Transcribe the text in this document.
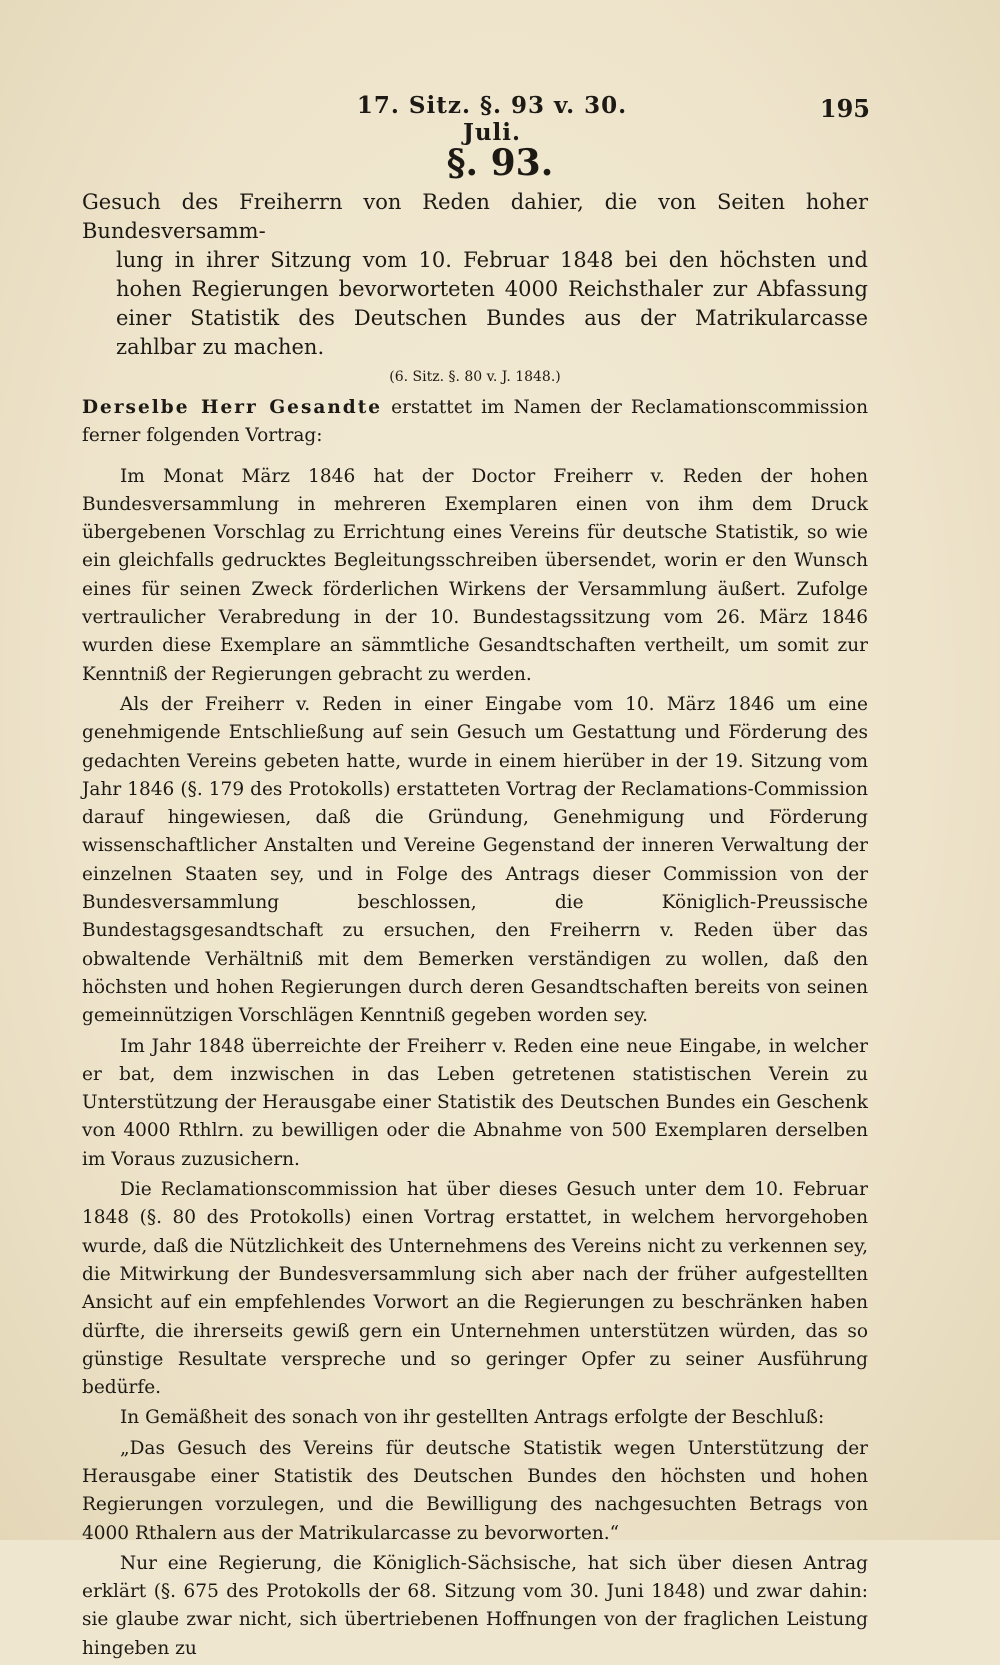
17. Sitz. §. 93 v. 30. Juli.
195
§. 93.
Gesuch des Freiherrn von Reden dahier, die von Seiten hoher Bundesversamm-
lung in ihrer Sitzung vom 10. Februar 1848 bei den höchsten und hohen Regierungen bevorworteten 4000 Reichsthaler zur Abfassung einer Statistik des Deutschen Bundes aus der Matrikularcasse zahlbar zu machen.
(6. Sitz. §. 80 v. J. 1848.)

Derselbe Herr Gesandte erstattet im Namen der Reclamationscommission ferner folgenden Vortrag:

Im Monat März 1846 hat der Doctor Freiherr v. Reden der hohen Bundesversammlung in mehreren Exemplaren einen von ihm dem Druck übergebenen Vorschlag zu Errichtung eines Vereins für deutsche Statistik, so wie ein gleichfalls gedrucktes Begleitungsschreiben übersendet, worin er den Wunsch eines für seinen Zweck förderlichen Wirkens der Versammlung äußert. Zufolge vertraulicher Verabredung in der 10. Bundestagssitzung vom 26. März 1846 wurden diese Exemplare an sämmtliche Gesandtschaften vertheilt, um somit zur Kenntniß der Regierungen gebracht zu werden.

Als der Freiherr v. Reden in einer Eingabe vom 10. März 1846 um eine genehmigende Entschließung auf sein Gesuch um Gestattung und Förderung des gedachten Vereins gebeten hatte, wurde in einem hierüber in der 19. Sitzung vom Jahr 1846 (§. 179 des Protokolls) erstatteten Vortrag der Reclamations-Commission darauf hingewiesen, daß die Gründung, Genehmigung und Förderung wissenschaftlicher Anstalten und Vereine Gegenstand der inneren Verwaltung der einzelnen Staaten sey, und in Folge des Antrags dieser Commission von der Bundesversammlung beschlossen, die Königlich-Preussische Bundestagsgesandtschaft zu ersuchen, den Freiherrn v. Reden über das obwaltende Verhältniß mit dem Bemerken verständigen zu wollen, daß den höchsten und hohen Regierungen durch deren Gesandtschaften bereits von seinen gemeinnützigen Vorschlägen Kenntniß gegeben worden sey.

Im Jahr 1848 überreichte der Freiherr v. Reden eine neue Eingabe, in welcher er bat, dem inzwischen in das Leben getretenen statistischen Verein zu Unterstützung der Herausgabe einer Statistik des Deutschen Bundes ein Geschenk von 4000 Rthlrn. zu bewilligen oder die Abnahme von 500 Exemplaren derselben im Voraus zuzusichern.

Die Reclamationscommission hat über dieses Gesuch unter dem 10. Februar 1848 (§. 80 des Protokolls) einen Vortrag erstattet, in welchem hervorgehoben wurde, daß die Nützlichkeit des Unternehmens des Vereins nicht zu verkennen sey, die Mitwirkung der Bundesversammlung sich aber nach der früher aufgestellten Ansicht auf ein empfehlendes Vorwort an die Regierungen zu beschränken haben dürfte, die ihrerseits gewiß gern ein Unternehmen unterstützen würden, das so günstige Resultate verspreche und so geringer Opfer zu seiner Ausführung bedürfe.

In Gemäßheit des sonach von ihr gestellten Antrags erfolgte der Beschluß:

„Das Gesuch des Vereins für deutsche Statistik wegen Unterstützung der Herausgabe einer Statistik des Deutschen Bundes den höchsten und hohen Regierungen vorzulegen, und die Bewilligung des nachgesuchten Betrags von 4000 Rthalern aus der Matrikularcasse zu bevorworten.“

Nur eine Regierung, die Königlich-Sächsische, hat sich über diesen Antrag erklärt (§. 675 des Protokolls der 68. Sitzung vom 30. Juni 1848) und zwar dahin: sie glaube zwar nicht, sich übertriebenen Hoffnungen von der fraglichen Leistung hingeben zu
